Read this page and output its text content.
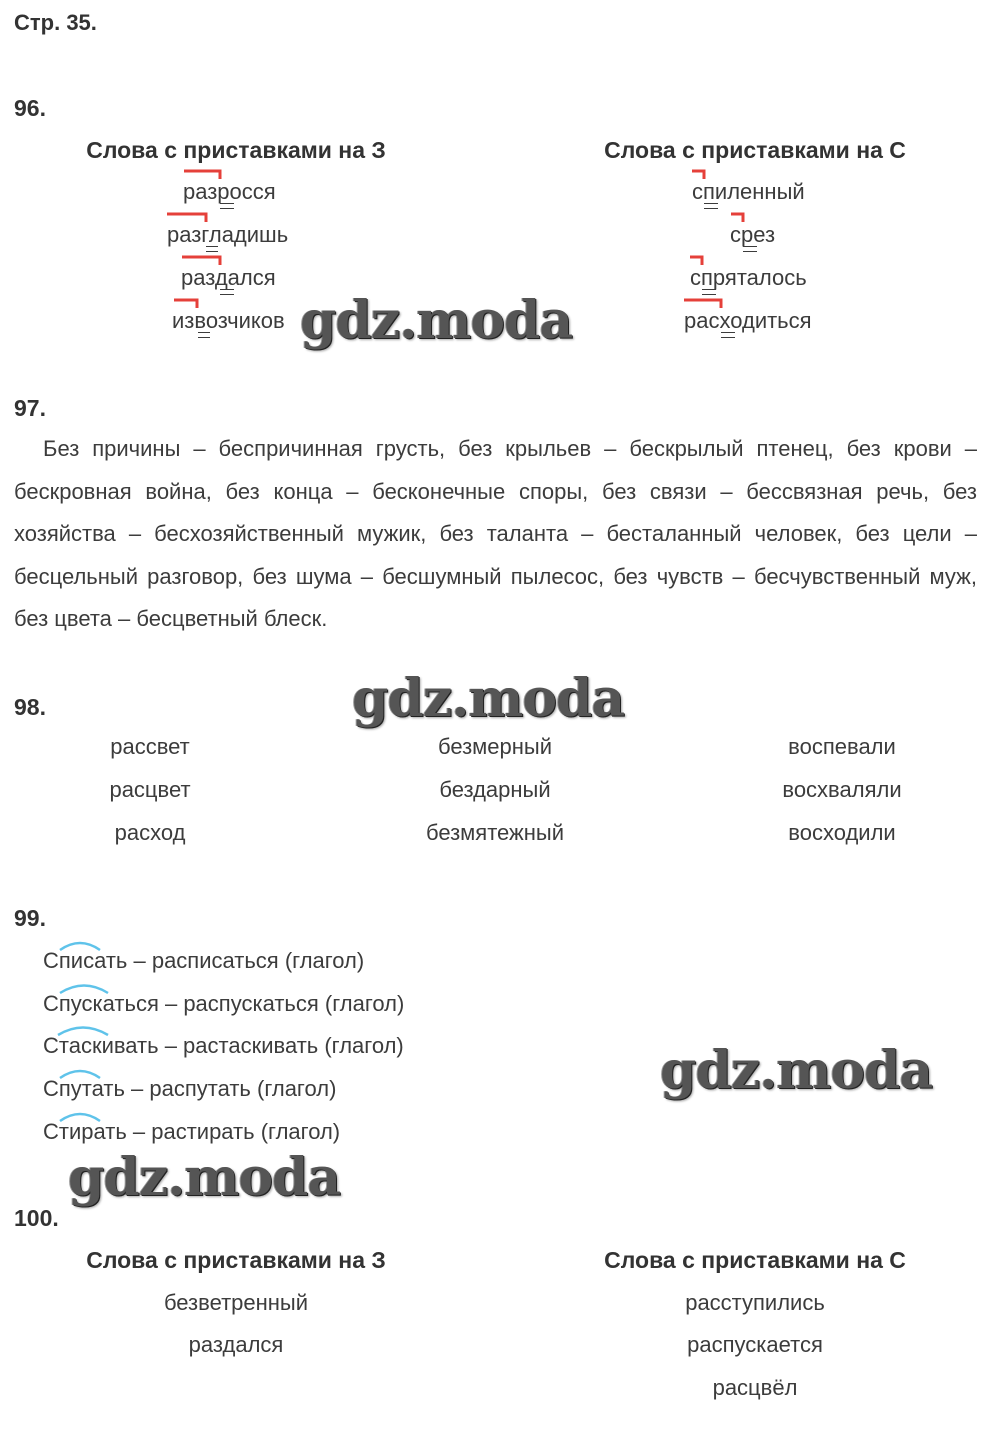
Стр. 35.
96.
Слова с приставками на З	Слова с приставками на С
разросся
разгладишь
раздался
извозчиков
спиленный
срез
спряталось
расходиться
97.
Без причины – беспричинная грусть, без крыльев – бескрылый птенец, без крови – бескровная война, без конца – бесконечные споры, без связи – бессвязная речь, без хозяйства – бесхозяйственный мужик, без таланта – бесталанный человек, без цели – бесцельный разговор, без шума – бесшумный пылесос, без чувств – бесчувственный муж, без цвета – бесцветный блеск.
98.
рассвет
расцвет
расход
безмерный
бездарный
безмятежный
воспевали
восхваляли
восходили
99.
Списать – расписаться (глагол)
Спускаться – распускаться (глагол)
Стаскивать – растаскивать (глагол)
Спутать – распутать (глагол)
Стирать – растирать (глагол)
100.
Слова с приставками на З	Слова с приставками на С
безветренный
раздался
расступились
распускается
расцвёл
gdz.moda
gdz.moda
gdz.moda
gdz.moda
